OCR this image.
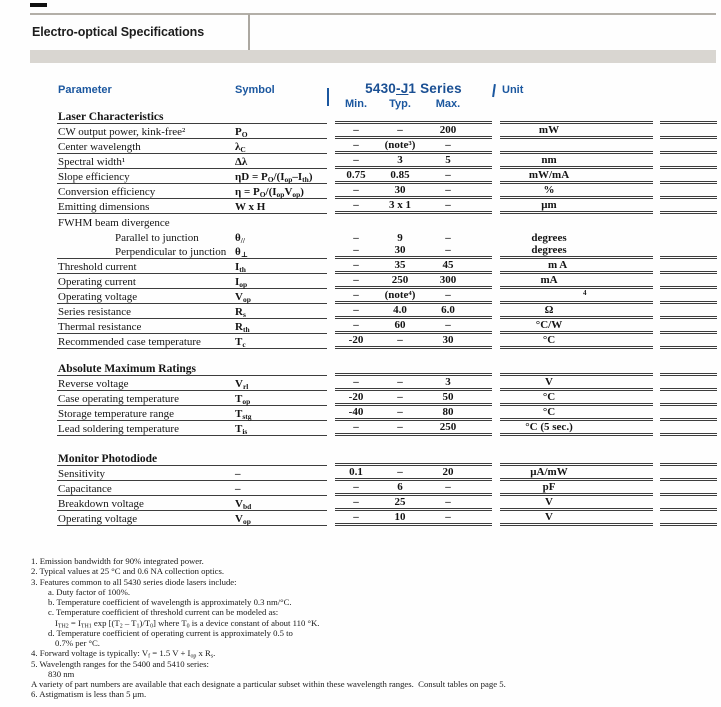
Electro-optical Specifications
Parameter	Symbol	5430-J1 Series	Unit
Min.	Typ.	Max.
Laser Characteristics
CW output power, kink-free²	$P_O$	–	–	200	mW
Center wavelength	$\lambda_C$	–	(note³)	–
Spectral width¹	Δλ	–	3	5	nm
Slope efficiency	$\eta D = P_O/(I_{op}-I_{th})$	0.75	0.85	–	mW/mA
Conversion efficiency	$\eta = P_O/(I_{op}V_{op})$	–	30	–	%
Emitting dimensions	W x H	–	3 x 1	–	μm
FWHM beam divergence
Parallel to junction	$\theta_{//}$	–	9	–	degrees
Perpendicular to junction $\theta_\perp$	–	30	–	degrees
Threshold current	$I_{th}$	–	35	45	m A
Operating current	$I_{op}$	–	250	300	mA
Operating voltage	$V_{op}$	–	(note⁴)	–	4
Series resistance	$R_s$	–	4.0	6.0	Ω
Thermal resistance	$R_{th}$	–	60	–	°C/W
Recommended case temperature	$T_c$	-20	–	30	°C
Absolute Maximum Ratings
Reverse voltage	$V_{rl}$	–	–	3	V
Case operating temperature	$T_{op}$	-20	–	50	°C
Storage temperature range	$T_{stg}$	-40	–	80	°C
Lead soldering temperature	$T_{is}$	–	–	250	°C (5 sec.)
Monitor Photodiode
Sensitivity	–	0.1	–	20	μA/mW
Capacitance	–	–	6	–	pF
Breakdown voltage	$V_{bd}$	–	25	–	V
Operating voltage	$V_{op}$	–	10	–	V
1. Emission bandwidth for 90% integrated power.
2. Typical values at 25 °C and 0.6 NA collection optics.
3. Features common to all 5430 series diode lasers include:
a. Duty factor of 100%.
b. Temperature coefficient of wavelength is approximately 0.3 nm/°C.
c. Temperature coefficient of threshold current can be modeled as:
$I_{TH2} = I_{TH1}$ $\exp [(T_2 - T_1)/T_0]$ where $T_0$ is a device constant of about 110 °K.
d. Temperature coefficient of operating current is approximately 0.5 to
0.7% per °C.
4. Forward voltage is typically: $V_f = 1.5$ $V + I_{op}$ x $R_s$.
5. Wavelength ranges for the 5400 and 5410 series:
830 nm
A variety of part numbers are available that each designate a particular subset within these wavelength ranges.  Consult tables on page 5.
6. Astigmatism is less than 5 μm.
